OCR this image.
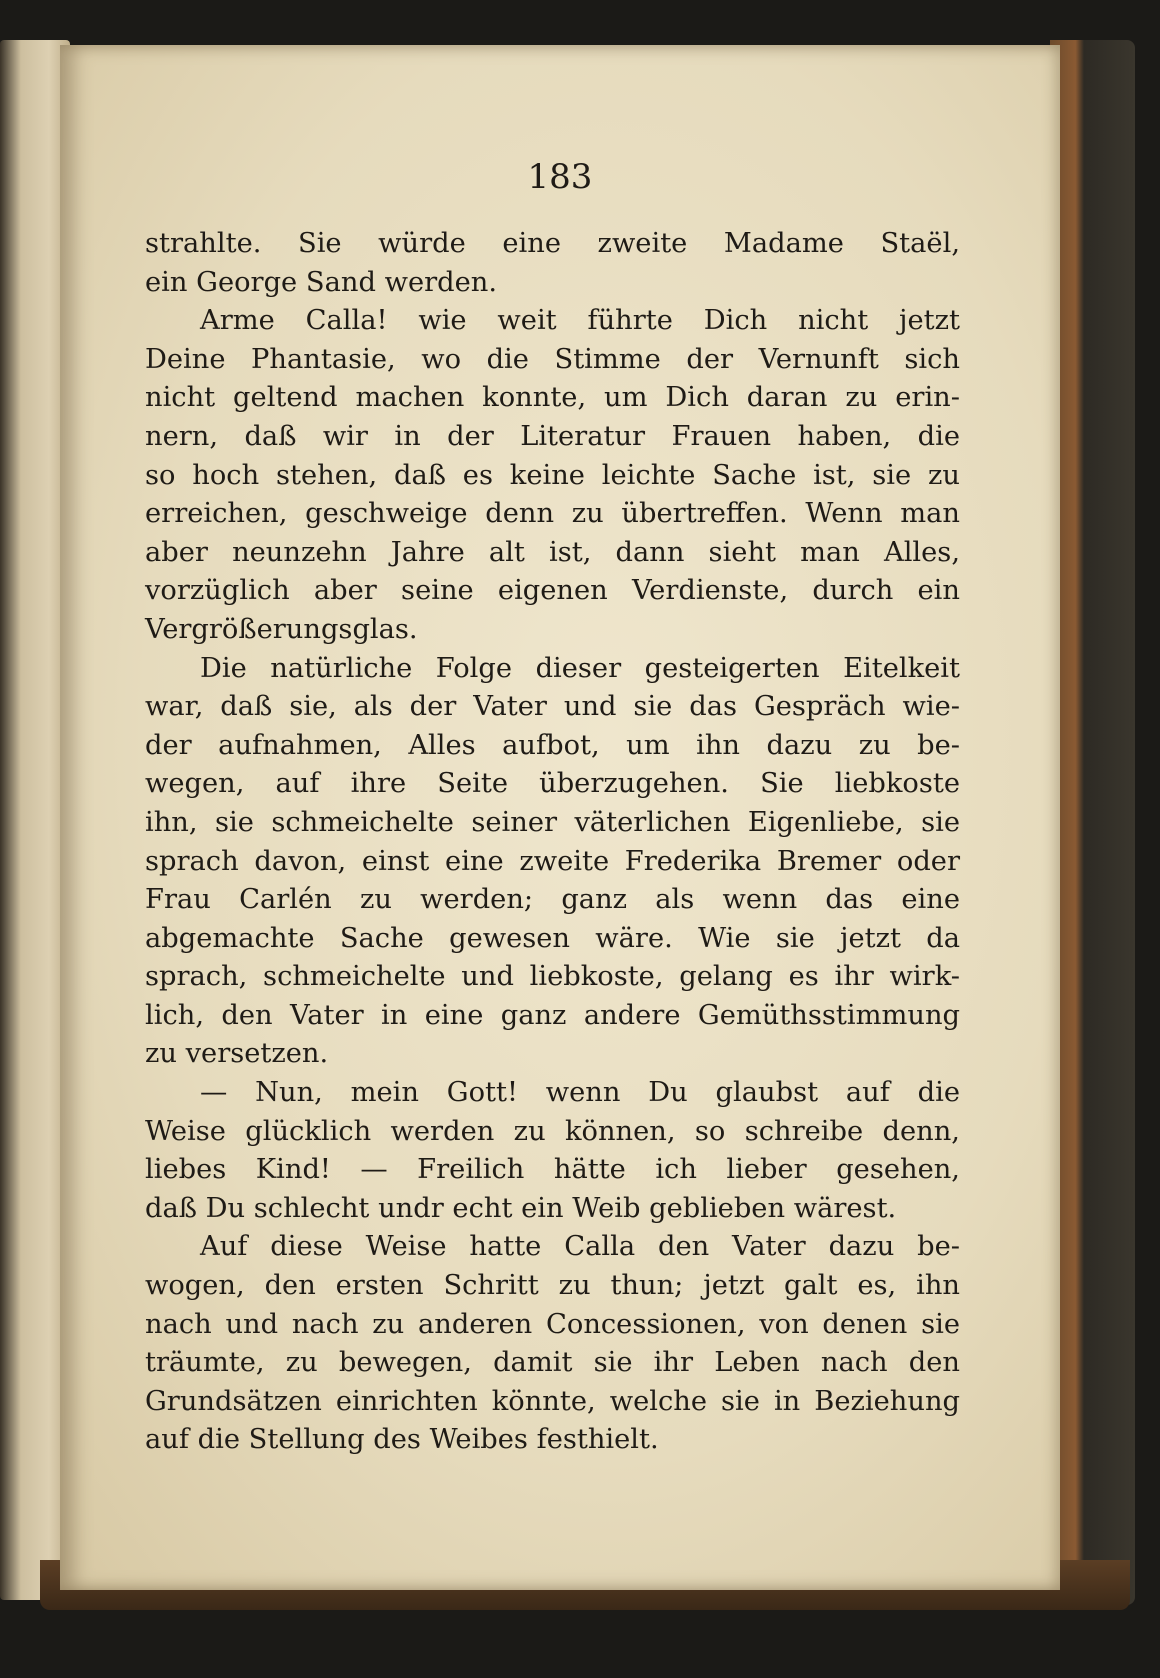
183
strahlte. Sie würde eine zweite Madame Staël,
ein George Sand werden.
Arme Calla! wie weit führte Dich nicht jetzt
Deine Phantasie, wo die Stimme der Vernunft sich
nicht geltend machen konnte, um Dich daran zu erin-
nern, daß wir in der Literatur Frauen haben, die
so hoch stehen, daß es keine leichte Sache ist, sie zu
erreichen, geschweige denn zu übertreffen. Wenn man
aber neunzehn Jahre alt ist, dann sieht man Alles,
vorzüglich aber seine eigenen Verdienste, durch ein
Vergrößerungsglas.
Die natürliche Folge dieser gesteigerten Eitelkeit
war, daß sie, als der Vater und sie das Gespräch wie-
der aufnahmen, Alles aufbot, um ihn dazu zu be-
wegen, auf ihre Seite überzugehen. Sie liebkoste
ihn, sie schmeichelte seiner väterlichen Eigenliebe, sie
sprach davon, einst eine zweite Frederika Bremer oder
Frau Carlén zu werden; ganz als wenn das eine
abgemachte Sache gewesen wäre. Wie sie jetzt da
sprach, schmeichelte und liebkoste, gelang es ihr wirk-
lich, den Vater in eine ganz andere Gemüthsstimmung
zu versetzen.
— Nun, mein Gott! wenn Du glaubst auf die
Weise glücklich werden zu können, so schreibe denn,
liebes Kind! — Freilich hätte ich lieber gesehen,
daß Du schlecht undr echt ein Weib geblieben wärest.
Auf diese Weise hatte Calla den Vater dazu be-
wogen, den ersten Schritt zu thun; jetzt galt es, ihn
nach und nach zu anderen Concessionen, von denen sie
träumte, zu bewegen, damit sie ihr Leben nach den
Grundsätzen einrichten könnte, welche sie in Beziehung
auf die Stellung des Weibes festhielt.
